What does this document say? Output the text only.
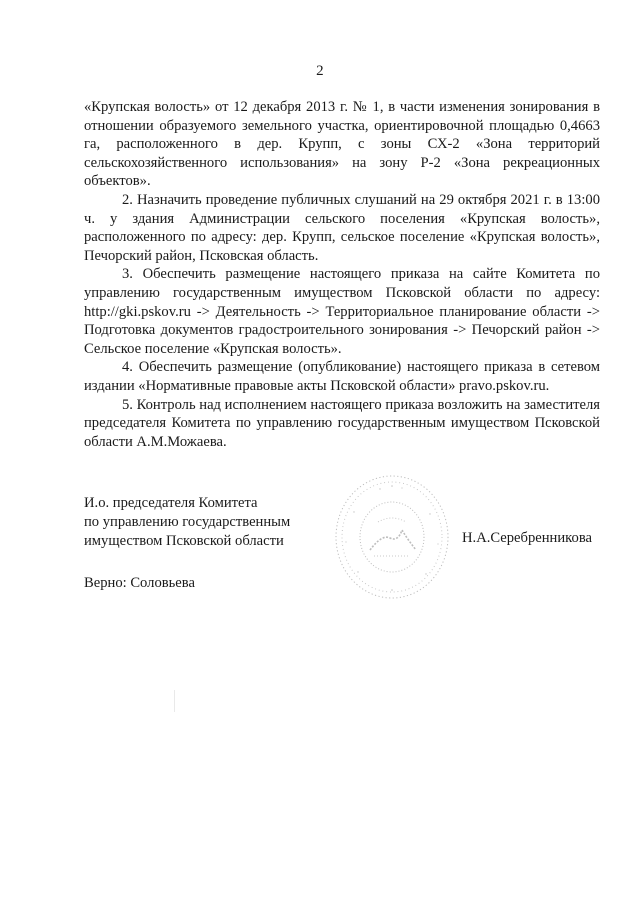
2

«Крупская волость» от 12 декабря 2013 г. № 1, в части изменения зонирования в отношении образуемого земельного участка, ориентировочной площадью 0,4663 га, расположенного в дер. Крупп, с зоны СХ-2 «Зона территорий сельскохозяйственного использования» на зону Р-2 «Зона рекреационных объектов».

2. Назначить проведение публичных слушаний на 29 октября 2021 г. в 13:00 ч. у здания Администрации сельского поселения «Крупская волость», расположенного по адресу: дер. Крупп, сельское поселение «Крупская волость», Печорский район, Псковская область.

3. Обеспечить размещение настоящего приказа на сайте Комитета по управлению государственным имуществом Псковской области по адресу: http://gki.pskov.ru -> Деятельность -> Территориальное планирование области -> Подготовка документов градостроительного зонирования -> Печорский район -> Сельское поселение «Крупская волость».

4. Обеспечить размещение (опубликование) настоящего приказа в сетевом издании «Нормативные правовые акты Псковской области» pravo.pskov.ru.

5. Контроль над исполнением настоящего приказа возложить на заместителя председателя Комитета по управлению государственным имуществом Псковской области А.М.Можаева.

И.о. председателя Комитета
по управлению государственным
имуществом Псковской области	Н.А.Серебренникова
Верно: Соловьева
